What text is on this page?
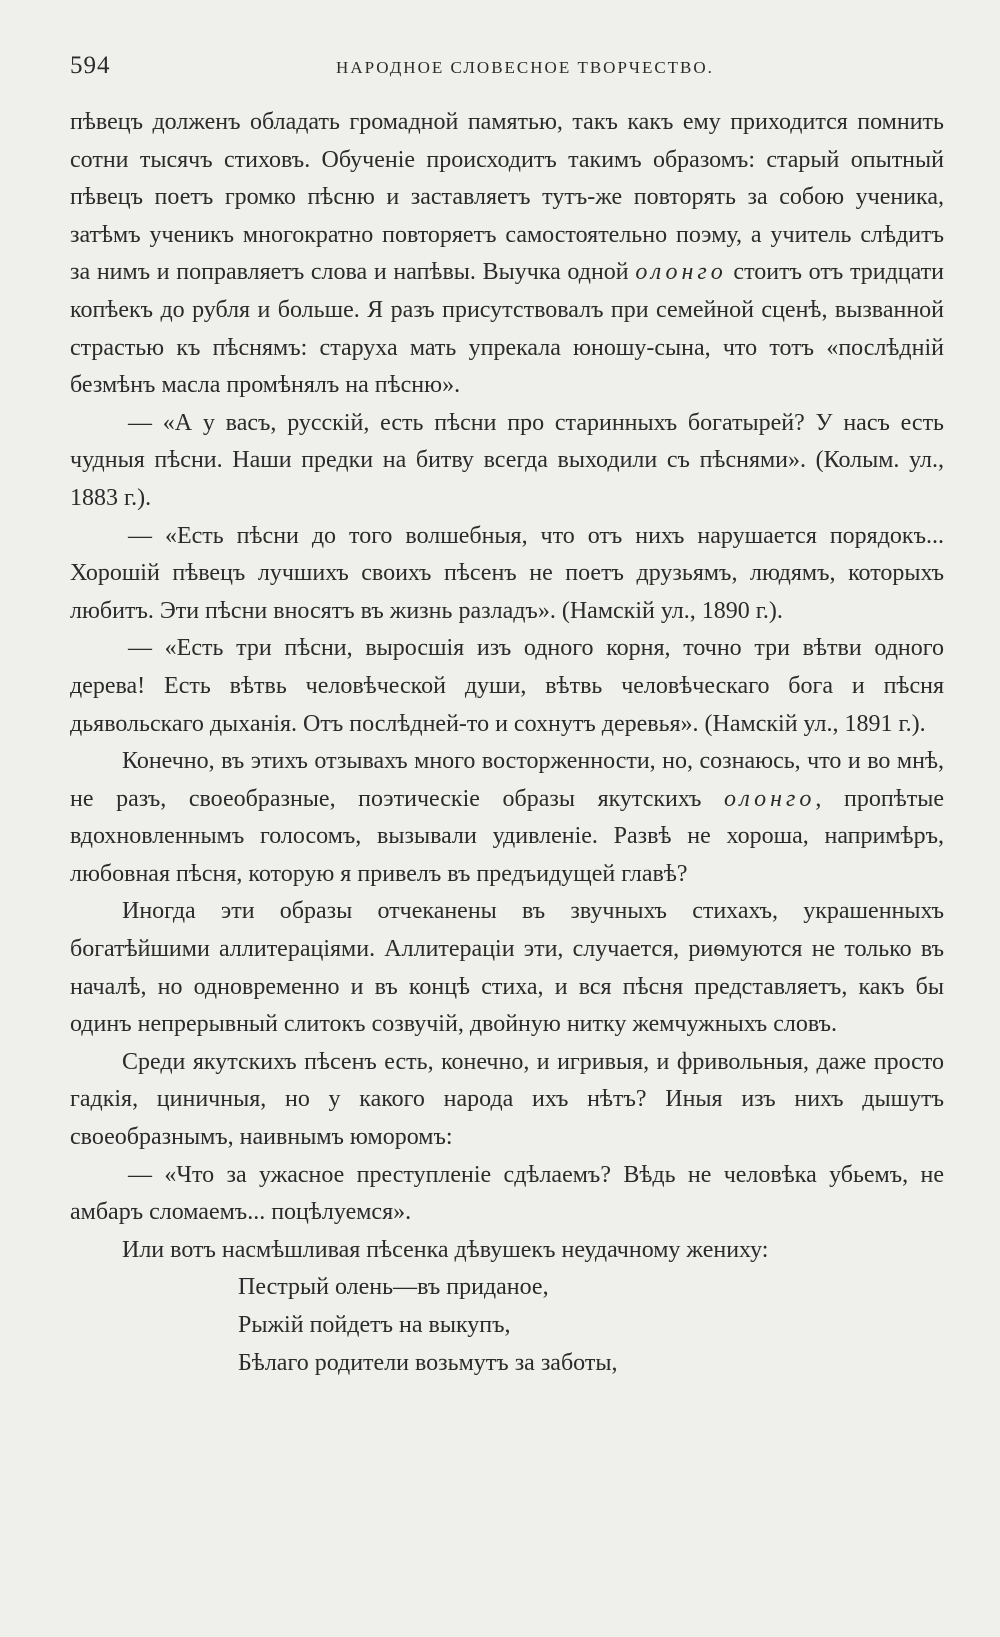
594	НАРОДНОЕ СЛОВЕСНОЕ ТВОРЧЕСТВО.

пѣвецъ долженъ обладать громадной памятью, такъ какъ ему приходится помнить сотни тысячъ стиховъ. Обученіе происходитъ такимъ образомъ: старый опытный пѣвецъ поетъ громко пѣсню и заставляетъ тутъ-же повторять за собою ученика, затѣмъ ученикъ многократно повторяетъ самостоятельно поэму, а учитель слѣдитъ за нимъ и поправляетъ слова и напѣвы. Выучка одной олонго стоитъ отъ тридцати копѣекъ до рубля и больше. Я разъ присутствовалъ при семейной сценѣ, вызванной страстью къ пѣснямъ: старуха мать упрекала юношу-сына, что тотъ «послѣдній безмѣнъ масла промѣнялъ на пѣсню».

— «А у васъ, русскій, есть пѣсни про старинныхъ богатырей? У насъ есть чудныя пѣсни. Наши предки на битву всегда выходили съ пѣснями». (Колым. ул., 1883 г.).

— «Есть пѣсни до того волшебныя, что отъ нихъ нарушается порядокъ... Хорошій пѣвецъ лучшихъ своихъ пѣсенъ не поетъ друзьямъ, людямъ, которыхъ любитъ. Эти пѣсни вносятъ въ жизнь разладъ». (Намскій ул., 1890 г.).

— «Есть три пѣсни, выросшія изъ одного корня, точно три вѣтви одного дерева! Есть вѣтвь человѣческой души, вѣтвь человѣческаго бога и пѣсня дьявольскаго дыханія. Отъ послѣдней-то и сохнутъ деревья». (Намскій ул., 1891 г.).

Конечно, въ этихъ отзывахъ много восторженности, но, сознаюсь, что и во мнѣ, не разъ, своеобразные, поэтическіе образы якутскихъ олонго, пропѣтые вдохновленнымъ голосомъ, вызывали удивленіе. Развѣ не хороша, напримѣръ, любовная пѣсня, которую я привелъ въ предъидущей главѣ?

Иногда эти образы отчеканены въ звучныхъ стихахъ, украшенныхъ богатѣйшими аллитераціями. Аллитераціи эти, случается, риѳмуются не только въ началѣ, но одновременно и въ концѣ стиха, и вся пѣсня представляетъ, какъ бы одинъ непрерывный слитокъ созвучій, двойную нитку жемчужныхъ словъ.

Среди якутскихъ пѣсенъ есть, конечно, и игривыя, и фривольныя, даже просто гадкія, циничныя, но у какого народа ихъ нѣтъ? Иныя изъ нихъ дышутъ своеобразнымъ, наивнымъ юморомъ:

— «Что за ужасное преступленіе сдѣлаемъ? Вѣдь не человѣка убьемъ, не амбаръ сломаемъ... поцѣлуемся».

Или вотъ насмѣшливая пѣсенка дѣвушекъ неудачному жениху:

Пестрый олень—въ приданое,
Рыжій пойдетъ на выкупъ,
Бѣлаго родители возьмутъ за заботы,
